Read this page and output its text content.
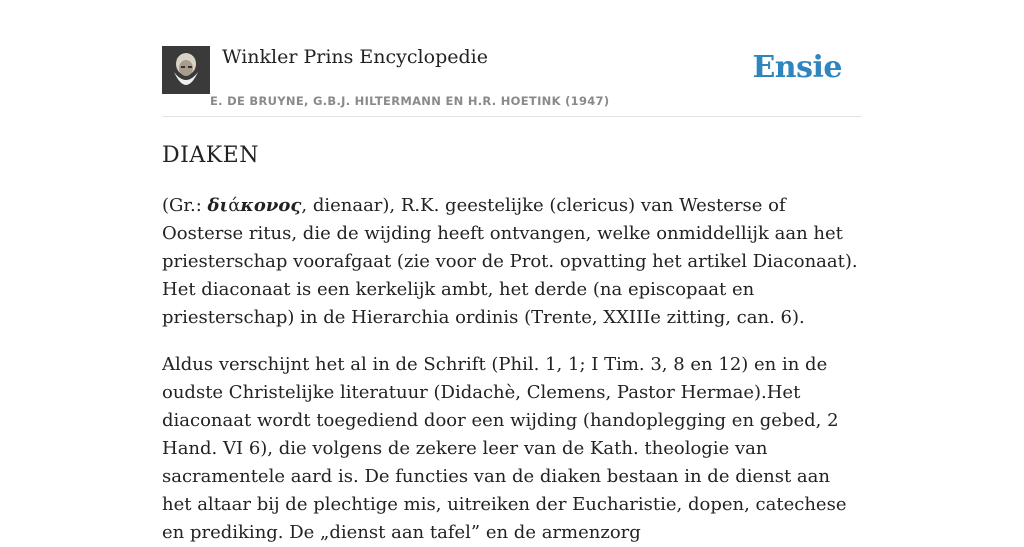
Winkler Prins Encyclopedie
E. DE BRUYNE, G.B.J. HILTERMANN EN H.R. HOETINK (1947)
Ensie
DIAKEN

(Gr.: διάκονος, dienaar), R.K. geestelijke (clericus) van Westerse of Oosterse ritus, die de wijding heeft ontvangen, welke onmiddellijk aan het priesterschap voorafgaat (zie voor de Prot. opvatting het artikel Diaconaat). Het diaconaat is een kerkelijk ambt, het derde (na episcopaat en priesterschap) in de Hierarchia ordinis (Trente, XXIIIe zitting, can. 6).

Aldus verschijnt het al in de Schrift (Phil. 1, 1; I Tim. 3, 8 en 12) en in de oudste Christelijke literatuur (Didachè, Clemens, Pastor Hermae).Het diaconaat wordt toegediend door een wijding (handoplegging en gebed, 2 Hand. VI 6), die volgens de zekere leer van de Kath. theologie van sacramentele aard is. De functies van de diaken bestaan in de dienst aan het altaar bij de plechtige mis, uitreiken der Eucharistie, dopen, catechese en prediking. De „dienst aan tafel” en de armenzorg
